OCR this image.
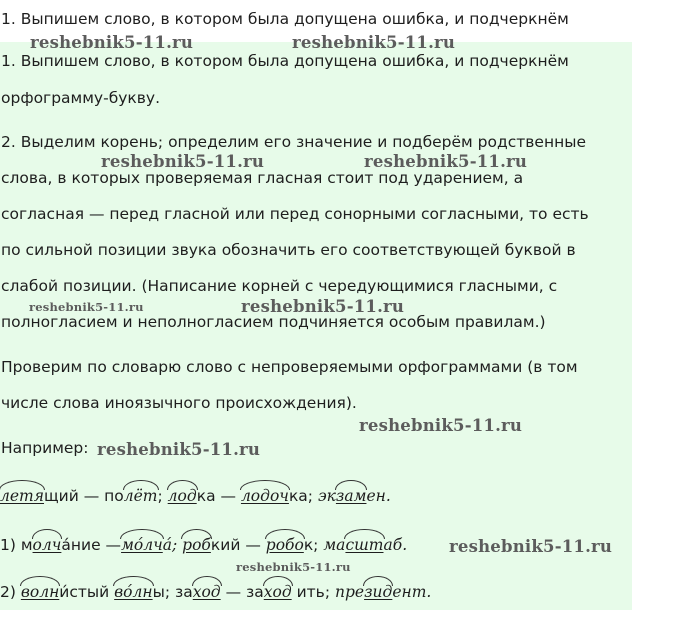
1. Выпишем слово, в котором была допущена ошибка, и подчеркнём
1. Выпишем слово, в котором была допущена ошибка, и подчеркнём
орфограмму-букву.
2. Выделим корень; определим его значение и подберём родственные
слова, в которых проверяемая гласная стоит под ударением, а
согласная — перед гласной или перед сонорными согласными, то есть
по сильной позиции звука обозначить его соответствующей буквой в
слабой позиции. (Написание корней с чередующимися гласными, с
полногласием и неполногласием подчиняется особым правилам.)
Проверим по словарю слово с непроверяемыми орфограммами (в том
числе слова иноязычного происхождения).
Например:
летящий — полёт; лодка — лодочка; экзамен.
1) молча́ние —мо́лча́; робкий — робок; масштаб.
2) волни́стый во́лны; заход — заход ить; президент.
reshebnik5-11.ru	reshebnik5-11.ru
reshebnik5-11.ru	reshebnik5-11.ru
reshebnik5-11.ru	reshebnik5-11.ru
reshebnik5-11.ru
reshebnik5-11.ru
reshebnik5-11.ru
reshebnik5-11.ru
